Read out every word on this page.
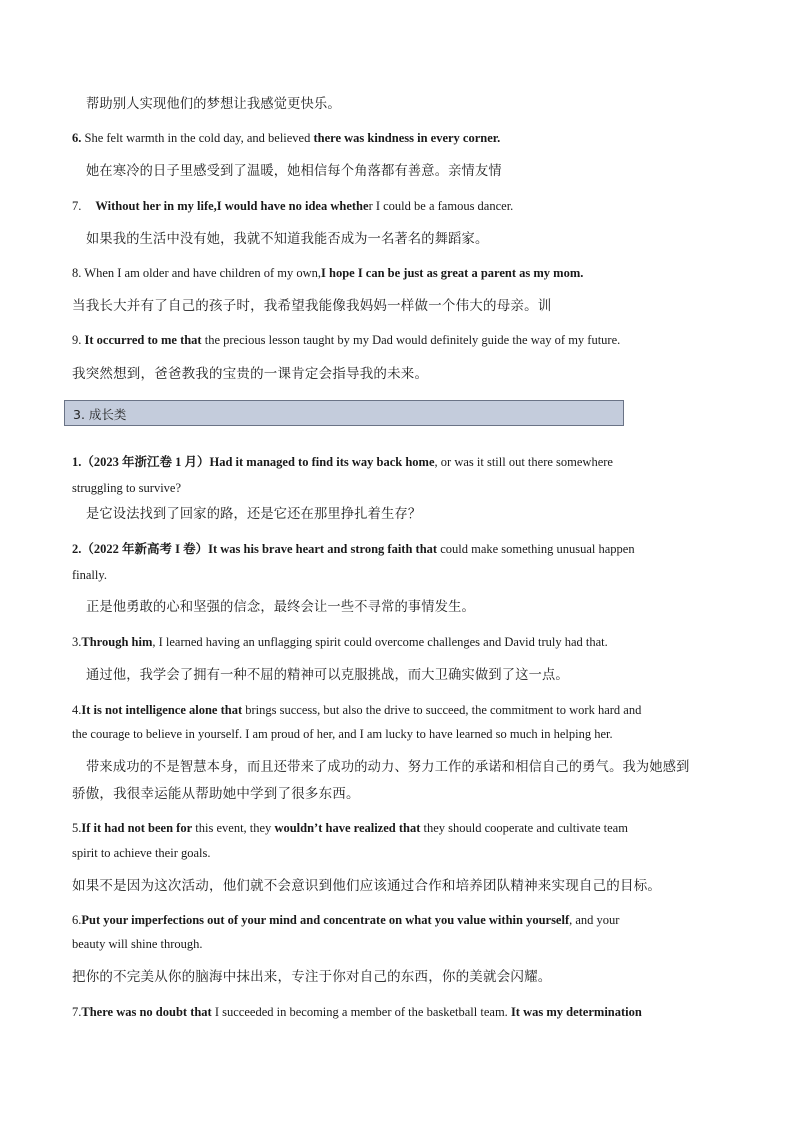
帮助别人实现他们的梦想让我感觉更快乐。
6. She felt warmth in the cold day, and believed there was kindness in every corner.
她在寒冷的日子里感受到了温暖，她相信每个角落都有善意。亲情友情
7. Without her in my life,I would have no idea whether I could be a famous dancer.
如果我的生活中没有她，我就不知道我能否成为一名著名的舞蹈家。
8. When I am older and have children of my own,I hope I can be just as great a parent as my mom.
当我长大并有了自己的孩子时，我希望我能像我妈妈一样做一个伟大的母亲。训
9. It occurred to me that the precious lesson taught by my Dad would definitely guide the way of my future.
我突然想到，爸爸教我的宝贵的一课肯定会指导我的未来。
3. 成长类
1.（2023 年浙江卷 1 月）Had it managed to find its way back home, or was it still out there somewhere
struggling to survive?
是它设法找到了回家的路，还是它还在那里挣扎着生存？
2.（2022 年新高考 I 卷）It was his brave heart and strong faith that could make something unusual happen
finally.
正是他勇敢的心和坚强的信念，最终会让一些不寻常的事情发生。
3.Through him, I learned having an unflagging spirit could overcome challenges and David truly had that.
通过他，我学会了拥有一种不屈的精神可以克服挑战，而大卫确实做到了这一点。
4.It is not intelligence alone that brings success, but also the drive to succeed, the commitment to work hard and
the courage to believe in yourself. I am proud of her, and I am lucky to have learned so much in helping her.
带来成功的不是智慧本身，而且还带来了成功的动力、努力工作的承诺和相信自己的勇气。我为她感到
骄傲，我很幸运能从帮助她中学到了很多东西。
5.If it had not been for this event, they wouldn’t have realized that they should cooperate and cultivate team
spirit to achieve their goals.
如果不是因为这次活动，他们就不会意识到他们应该通过合作和培养团队精神来实现自己的目标。
6.Put your imperfections out of your mind and concentrate on what you value within yourself, and your
beauty will shine through.
把你的不完美从你的脑海中抹出来，专注于你对自己的东西，你的美就会闪耀。
7.There was no doubt that I succeeded in becoming a member of the basketball team. It was my determination
